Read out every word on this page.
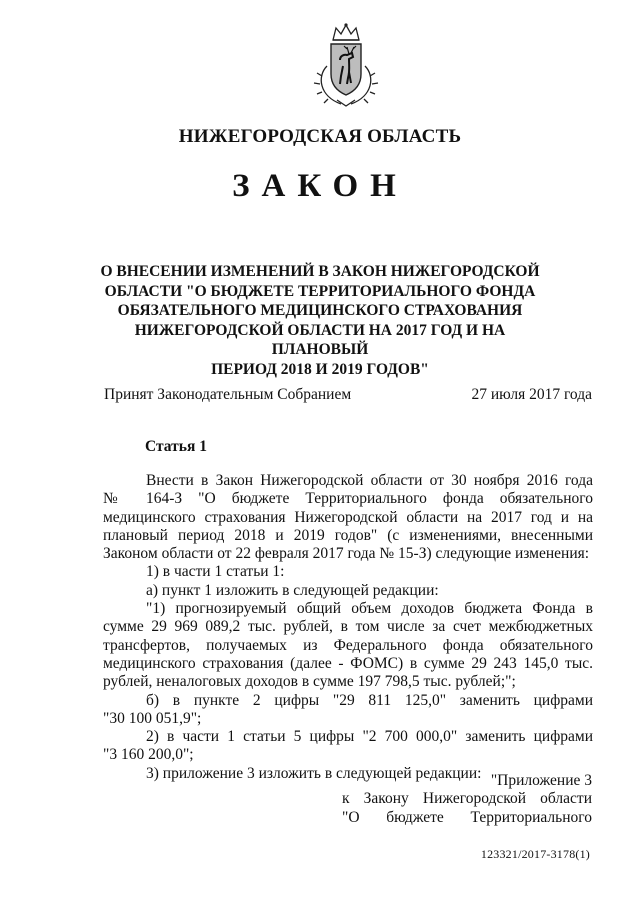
НИЖЕГОРОДСКАЯ ОБЛАСТЬ
ЗАКОН
О ВНЕСЕНИИ ИЗМЕНЕНИЙ В ЗАКОН НИЖЕГОРОДСКОЙ
ОБЛАСТИ "О БЮДЖЕТЕ ТЕРРИТОРИАЛЬНОГО ФОНДА
ОБЯЗАТЕЛЬНОГО МЕДИЦИНСКОГО СТРАХОВАНИЯ
НИЖЕГОРОДСКОЙ ОБЛАСТИ НА 2017 ГОД И НА ПЛАНОВЫЙ
ПЕРИОД 2018 И 2019 ГОДОВ"
Принят Законодательным Собранием	27 июля 2017 года
Статья 1

Внести в Закон Нижегородской области от 30 ноября 2016 года

№ 164-З "О бюджете Территориального фонда обязательного

медицинского страхования Нижегородской области на 2017 год и на

плановый период 2018 и 2019 годов" (с изменениями, внесенными

Законом области от 22 февраля 2017 года № 15-З) следующие изменения:

1) в части 1 статьи 1:

а) пункт 1 изложить в следующей редакции:

"1) прогнозируемый общий объем доходов бюджета Фонда в

сумме 29 969 089,2 тыс. рублей, в том числе за счет межбюджетных

трансфертов, получаемых из Федерального фонда обязательного

медицинского страхования (далее - ФОМС) в сумме 29 243 145,0 тыс.

рублей, неналоговых доходов в сумме 197 798,5 тыс. рублей;";

б) в пункте 2 цифры "29 811 125,0" заменить цифрами

"30 100 051,9";

2) в части 1 статьи 5 цифры "2 700 000,0" заменить цифрами

"3 160 200,0";

3) приложение 3 изложить в следующей редакции: "Приложение 3

к Закону Нижегородской области

"О бюджете Территориального

123321/2017-3178(1)
